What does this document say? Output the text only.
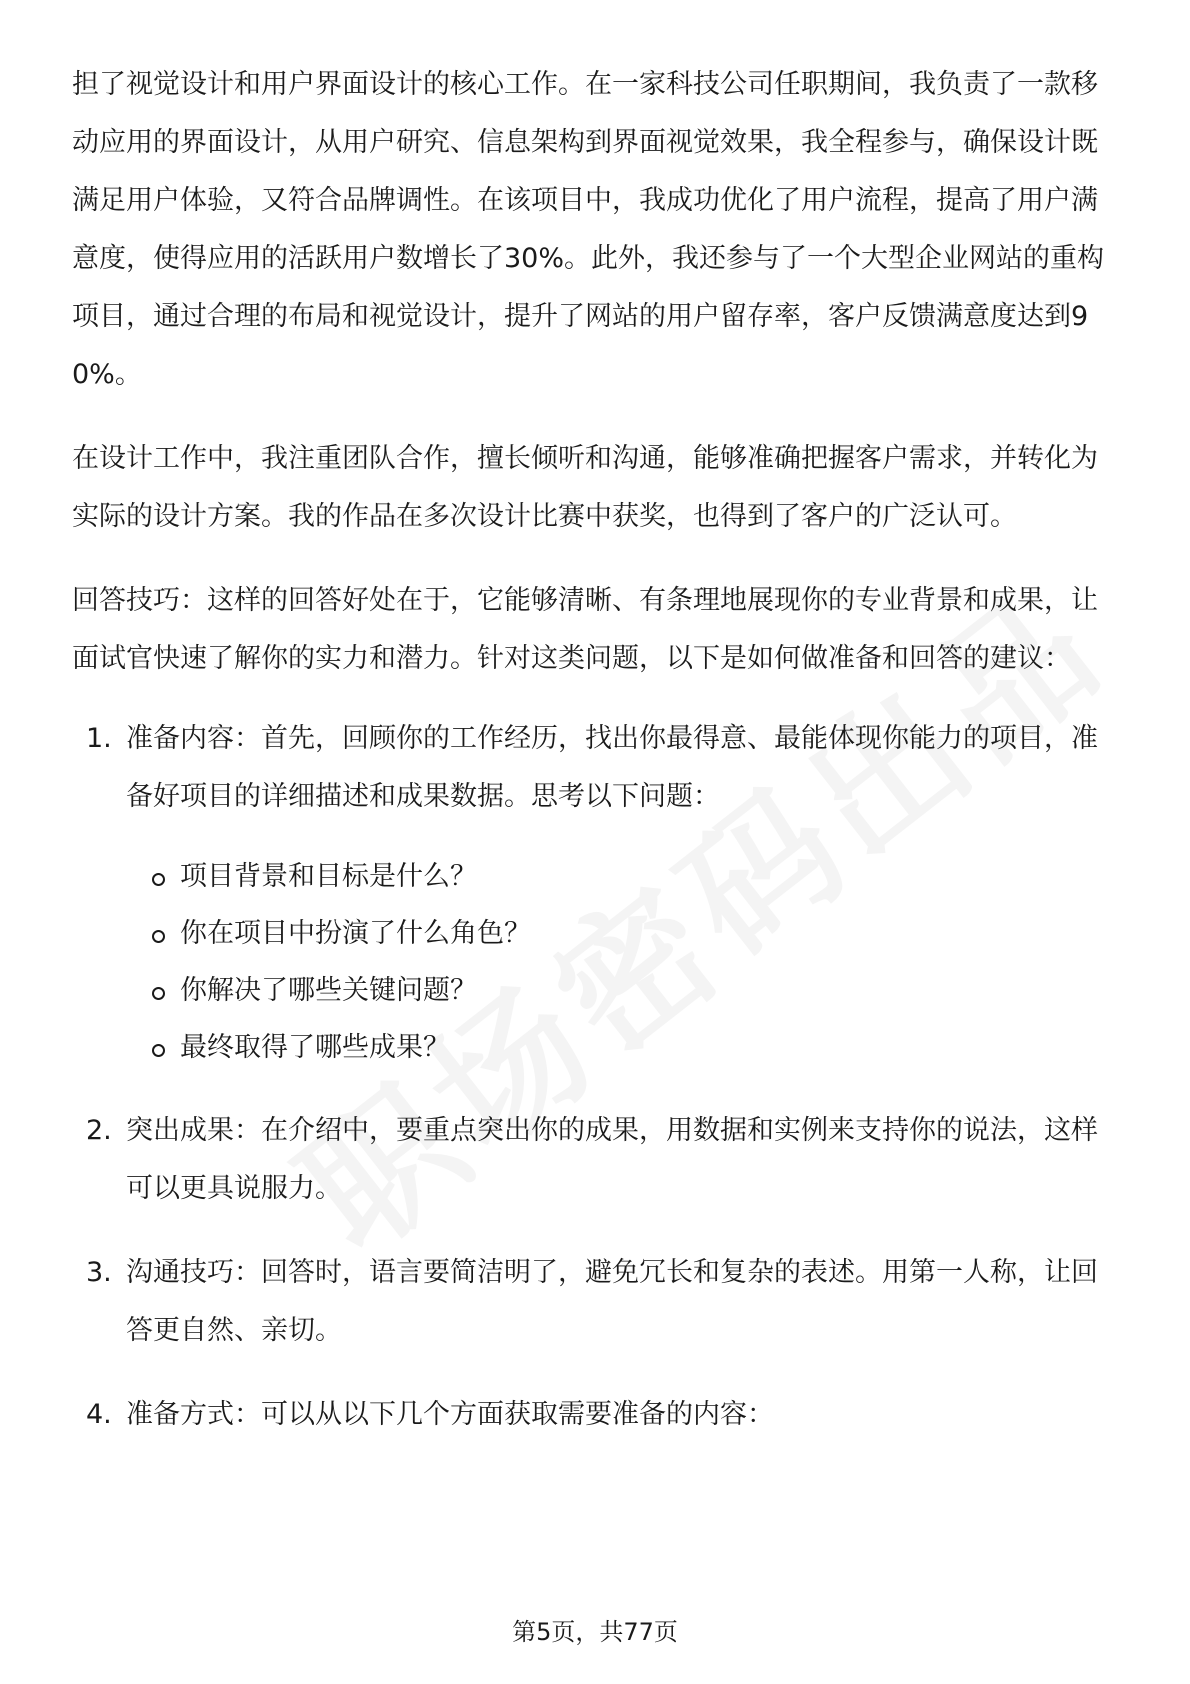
担了视觉设计和用户界面设计的核心工作。在一家科技公司任职期间，我负责了一款移动应用的界面设计，从用户研究、信息架构到界面视觉效果，我全程参与，确保设计既满足用户体验，又符合品牌调性。在该项目中，我成功优化了用户流程，提高了用户满意度，使得应用的活跃用户数增长了30%。此外，我还参与了一个大型企业网站的重构项目，通过合理的布局和视觉设计，提升了网站的用户留存率，客户反馈满意度达到90%。

在设计工作中，我注重团队合作，擅长倾听和沟通，能够准确把握客户需求，并转化为实际的设计方案。我的作品在多次设计比赛中获奖，也得到了客户的广泛认可。

回答技巧：这样的回答好处在于，它能够清晰、有条理地展现你的专业背景和成果，让面试官快速了解你的实力和潜力。针对这类问题，以下是如何做准备和回答的建议：

1. 准备内容：首先，回顾你的工作经历，找出你最得意、最能体现你能力的项目，准备好项目的详细描述和成果数据。思考以下问题：
项目背景和目标是什么？
你在项目中扮演了什么角色？
你解决了哪些关键问题？
最终取得了哪些成果？
2. 突出成果：在介绍中，要重点突出你的成果，用数据和实例来支持你的说法，这样可以更具说服力。
3. 沟通技巧：回答时，语言要简洁明了，避免冗长和复杂的表述。用第一人称，让回答更自然、亲切。
4. 准备方式：可以从以下几个方面获取需要准备的内容：
第5页，共77页
